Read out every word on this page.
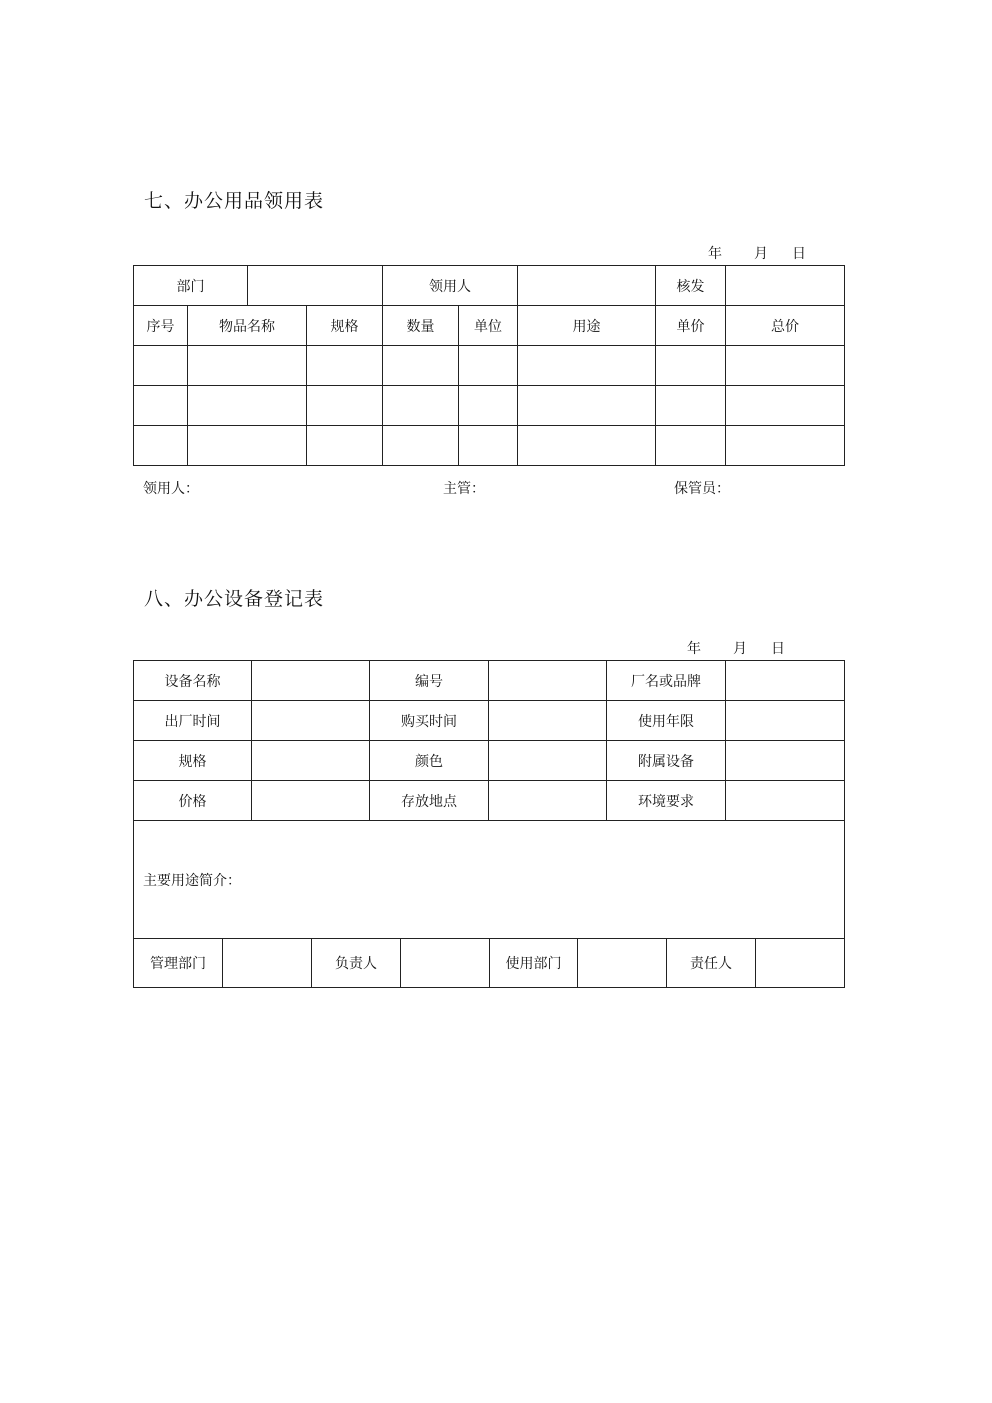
七、办公用品领用表
年 月 日
部门				领用人			核发	
序号	物品名称		规格	数量	单位	用途	单价	总价

领用人：	主管：	保管员：
八、办公设备登记表
年 月 日
设备名称		编号		厂名或品牌	
出厂时间		购买时间		使用年限	
规格		颜色		附属设备	
价格		存放地点		环境要求	
主要用途简介：					

管理部门 负责人 使用部门 责任人					
